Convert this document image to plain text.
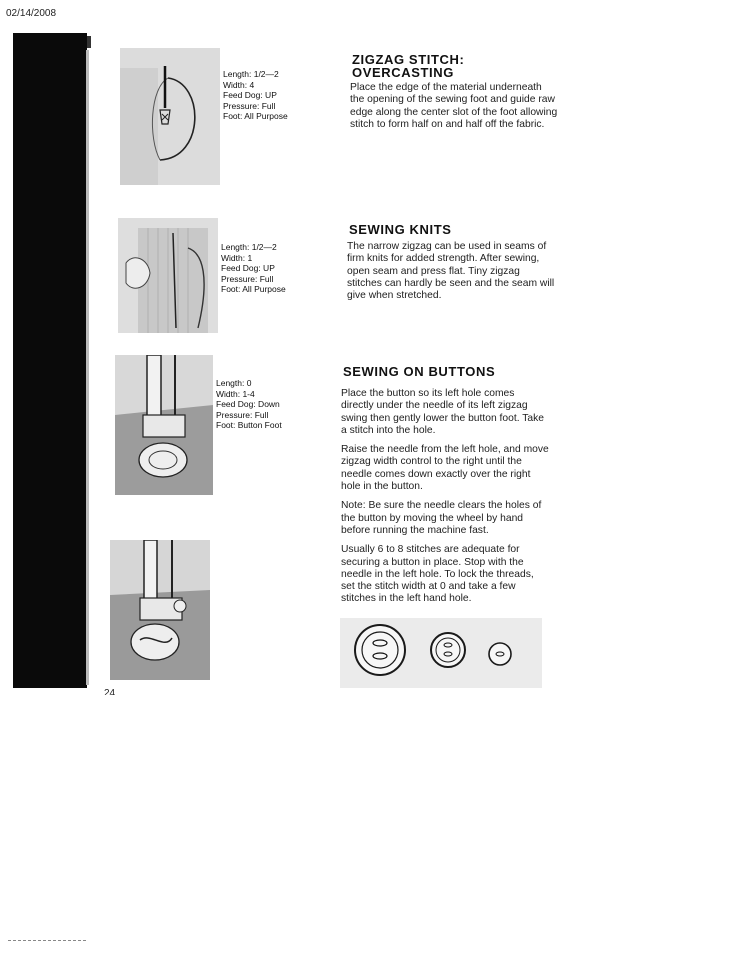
02/14/2008
Length: 1/2—2
Width: 4
Feed Dog: UP
Pressure: Full
Foot: All Purpose
ZIGZAG STITCH:
OVERCASTING

Place the edge of the material underneath the opening of the sewing foot and guide raw edge along the center slot of the foot allowing stitch to form half on and half off the fabric.

Length: 1/2—2
Width: 1
Feed Dog: UP
Pressure: Full
Foot: All Purpose
SEWING KNITS

The narrow zigzag can be used in seams of firm knits for added strength. After sewing, open seam and press flat. Tiny zigzag stitches can hardly be seen and the seam will give when stretched.

Length: 0
Width: 1-4
Feed Dog: Down
Pressure: Full
Foot: Button Foot
SEWING ON BUTTONS

Place the button so its left hole comes directly under the needle of its left zigzag swing then gently lower the button foot. Take a stitch into the hole.

Raise the needle from the left hole, and move zigzag width control to the right until the needle comes down exactly over the right hole in the button.

Note: Be sure the needle clears the holes of the button by moving the wheel by hand before running the machine fast.

Usually 6 to 8 stitches are adequate for securing a button in place. Stop with the needle in the left hole. To lock the threads, set the stitch width at 0 and take a few stitches in the left hand hole.

24
